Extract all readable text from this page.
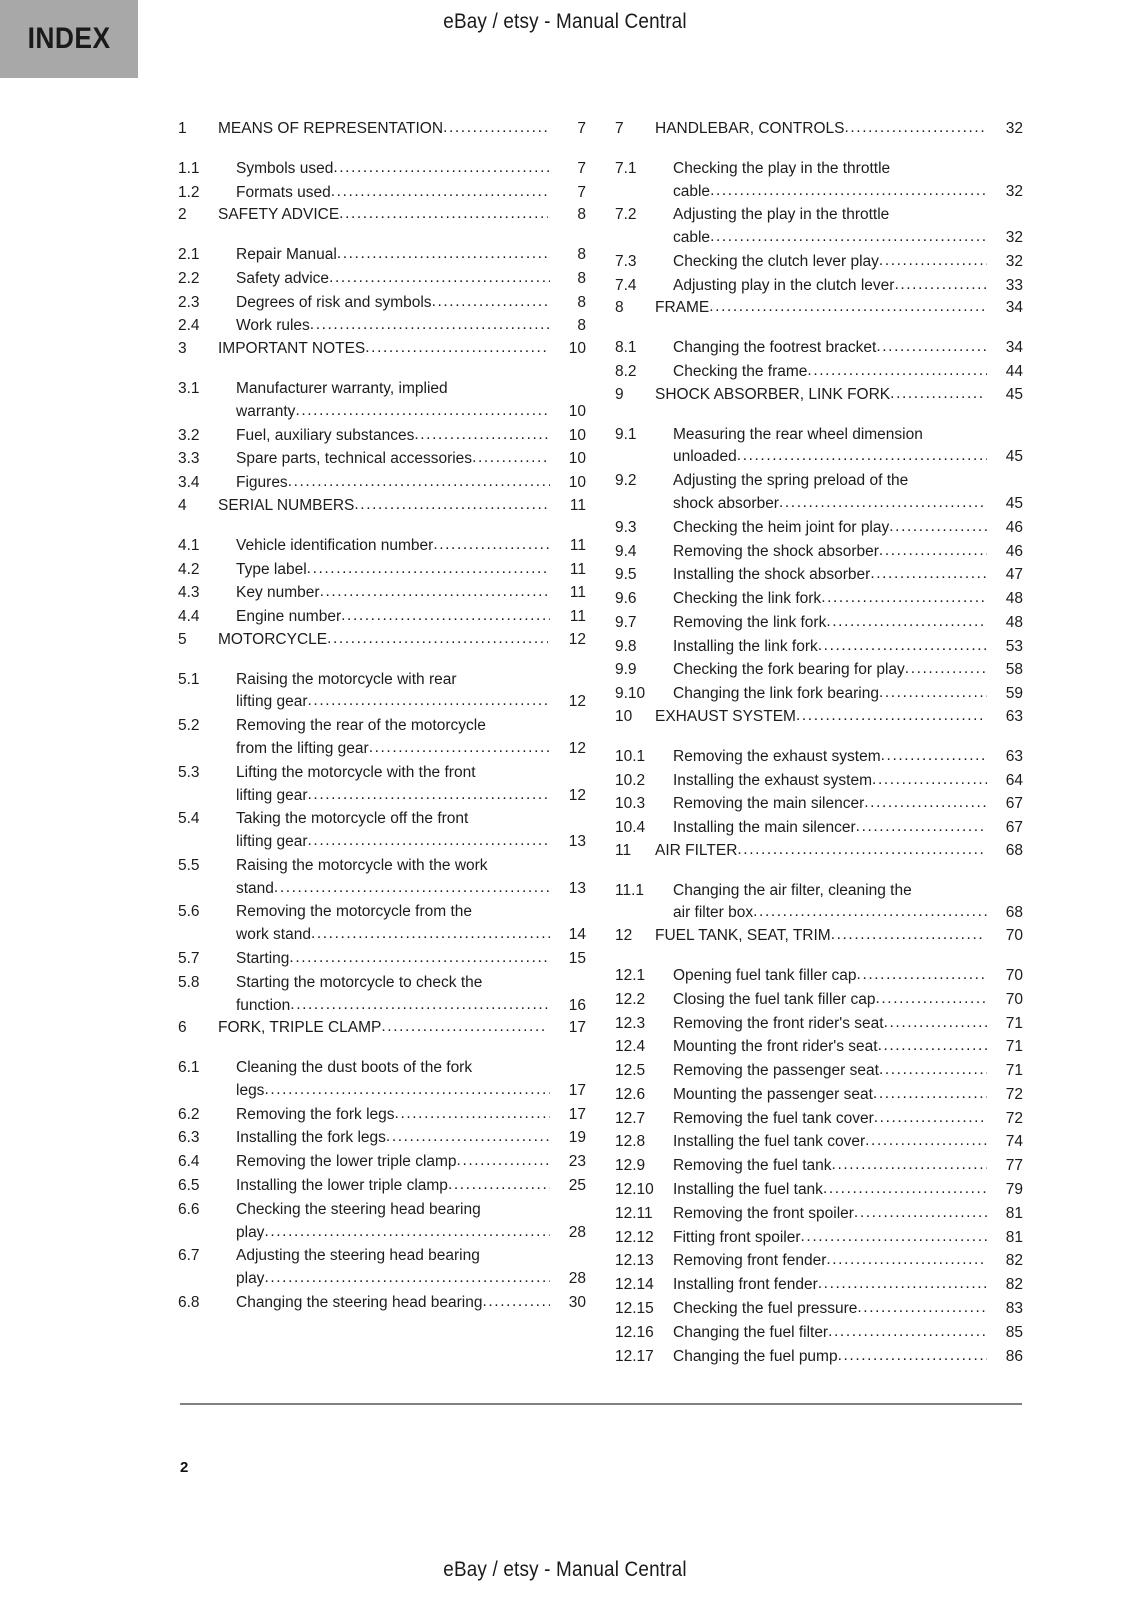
INDEX
eBay / etsy - Manual Central
1	MEANS OF REPRESENTATION .....	7
1.1	Symbols used .....	7
1.2	Formats used .....	7
2	SAFETY ADVICE .....	8
2.1	Repair Manual .....	8
2.2	Safety advice .....	8
2.3	Degrees of risk and symbols .....	8
2.4	Work rules .....	8
3	IMPORTANT NOTES .....	10
3.1	Manufacturer warranty, implied
warranty .....	10
3.2	Fuel, auxiliary substances .....	10
3.3	Spare parts, technical accessories .....	10
3.4	Figures .....	10
4	SERIAL NUMBERS .....	11
4.1	Vehicle identification number .....	11
4.2	Type label .....	11
4.3	Key number .....	11
4.4	Engine number .....	11
5	MOTORCYCLE .....	12
5.1	Raising the motorcycle with rear
lifting gear .....	12
5.2	Removing the rear of the motorcycle
from the lifting gear .....	12
5.3	Lifting the motorcycle with the front
lifting gear .....	12
5.4	Taking the motorcycle off the front
lifting gear .....	13
5.5	Raising the motorcycle with the work
stand .....	13
5.6	Removing the motorcycle from the
work stand .....	14
5.7	Starting .....	15
5.8	Starting the motorcycle to check the
function .....	16
6	FORK, TRIPLE CLAMP .....	17
6.1	Cleaning the dust boots of the fork
legs .....	17
6.2	Removing the fork legs .....	17
6.3	Installing the fork legs .....	19
6.4	Removing the lower triple clamp .....	23
6.5	Installing the lower triple clamp .....	25
6.6	Checking the steering head bearing
play .....	28
6.7	Adjusting the steering head bearing
play .....	28
6.8	Changing the steering head bearing .....	30
7	HANDLEBAR, CONTROLS .....	32
7.1	Checking the play in the throttle
cable .....	32
7.2	Adjusting the play in the throttle
cable .....	32
7.3	Checking the clutch lever play .....	32
7.4	Adjusting play in the clutch lever .....	33
8	FRAME .....	34
8.1	Changing the footrest bracket .....	34
8.2	Checking the frame .....	44
9	SHOCK ABSORBER, LINK FORK .....	45
9.1	Measuring the rear wheel dimension
unloaded .....	45
9.2	Adjusting the spring preload of the
shock absorber .....	45
9.3	Checking the heim joint for play .....	46
9.4	Removing the shock absorber .....	46
9.5	Installing the shock absorber .....	47
9.6	Checking the link fork .....	48
9.7	Removing the link fork .....	48
9.8	Installing the link fork .....	53
9.9	Checking the fork bearing for play .....	58
9.10	Changing the link fork bearing .....	59
10	EXHAUST SYSTEM .....	63
10.1	Removing the exhaust system .....	63
10.2	Installing the exhaust system .....	64
10.3	Removing the main silencer .....	67
10.4	Installing the main silencer .....	67
11	AIR FILTER .....	68
11.1	Changing the air filter, cleaning the
air filter box .....	68
12	FUEL TANK, SEAT, TRIM .....	70
12.1	Opening fuel tank filler cap .....	70
12.2	Closing the fuel tank filler cap .....	70
12.3	Removing the front rider's seat .....	71
12.4	Mounting the front rider's seat .....	71
12.5	Removing the passenger seat .....	71
12.6	Mounting the passenger seat .....	72
12.7	Removing the fuel tank cover .....	72
12.8	Installing the fuel tank cover .....	74
12.9	Removing the fuel tank .....	77
12.10	Installing the fuel tank .....	79
12.11	Removing the front spoiler .....	81
12.12	Fitting front spoiler .....	81
12.13	Removing front fender .....	82
12.14	Installing front fender .....	82
12.15	Checking the fuel pressure .....	83
12.16	Changing the fuel filter .....	85
12.17	Changing the fuel pump .....	86
2
eBay / etsy - Manual Central
